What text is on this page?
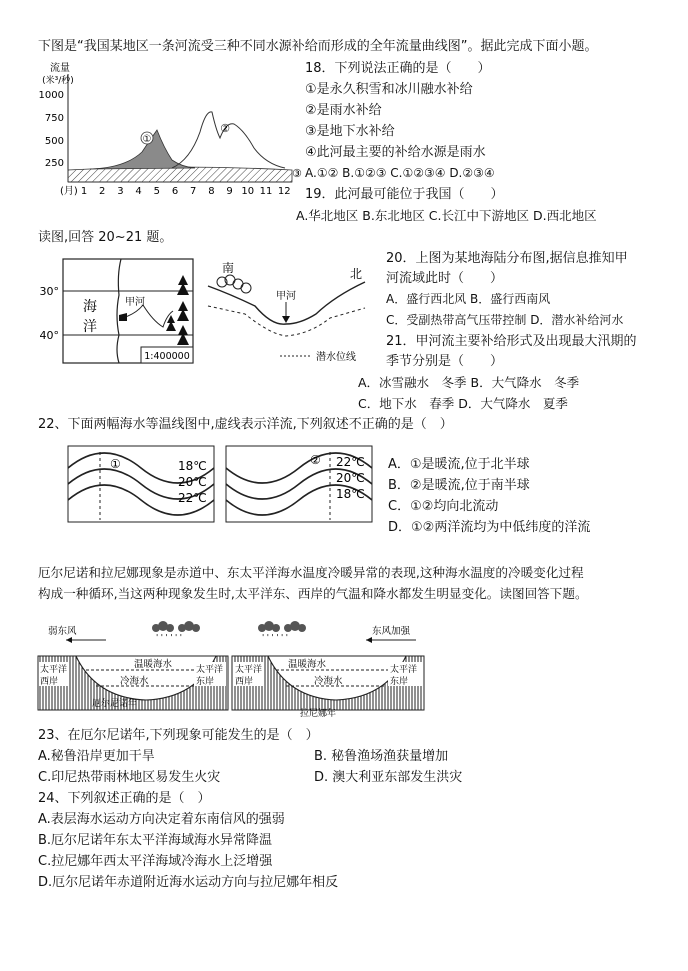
下图是“我国某地区一条河流受三种不同水源补给而形成的全年流量曲线图”。据此完成下面小题。
流量
(米³/秒)
1000
750
500
250
①
②
③
(月) 1 2 3 4 5 6 7 8 9 10 11 12
18．下列说法正确的是（　　）
①是永久积雪和冰川融水补给
②是雨水补给
③是地下水补给
④此河最主要的补给水源是雨水
A.①② B.①②③ C.①②③④ D.②③④
19．此河最可能位于我国（　　）
A.华北地区 B.东北地区 C.长江中下游地区 D.西北地区
读图,回答 20~21 题。
30°
40°
海
洋
甲河
1:400000
南	北
甲河
潜水位线
20．上图为某地海陆分布图,据信息推知甲
河流域此时（　　）
A．盛行西北风 B．盛行西南风
C．受副热带高气压带控制 D．潜水补给河水
21．甲河流主要补给形式及出现最大汛期的
季节分别是（　　）
A．冰雪融水　冬季 B．大气降水　冬季
C．地下水　春季 D．大气降水　夏季
22、下面两幅海水等温线图中,虚线表示洋流,下列叙述不正确的是（　）
①	18℃
20℃
22℃
② 22℃
20℃
18℃
A．①是暖流,位于北半球
B．②是暖流,位于南半球
C．①②均向北流动
D．①②两洋流均为中低纬度的洋流
厄尔尼诺和拉尼娜现象是赤道中、东太平洋海水温度冷暖异常的表现,这种海水温度的冷暖变化过程
构成一种循环,当这两种现象发生时,太平洋东、西岸的气温和降水都发生明显变化。读图回答下题。
弱东风
' ' ' ' ' '
温暖海水
冷海水
太平洋
西岸
太平洋
东岸
厄尔尼诺年
东风加强
' ' ' ' ' '
温暖海水
冷海水
太平洋
西岸
太平洋
东岸
拉尼娜年
23、在厄尔尼诺年,下列现象可能发生的是（　）
A.秘鲁沿岸更加干旱	B. 秘鲁渔场渔获量增加
C.印尼热带雨林地区易发生火灾	D. 澳大利亚东部发生洪灾
24、下列叙述正确的是（　）
A.表层海水运动方向决定着东南信风的强弱
B.厄尔尼诺年东太平洋海域海水异常降温
C.拉尼娜年西太平洋海域冷海水上泛增强
D.厄尔尼诺年赤道附近海水运动方向与拉尼娜年相反
